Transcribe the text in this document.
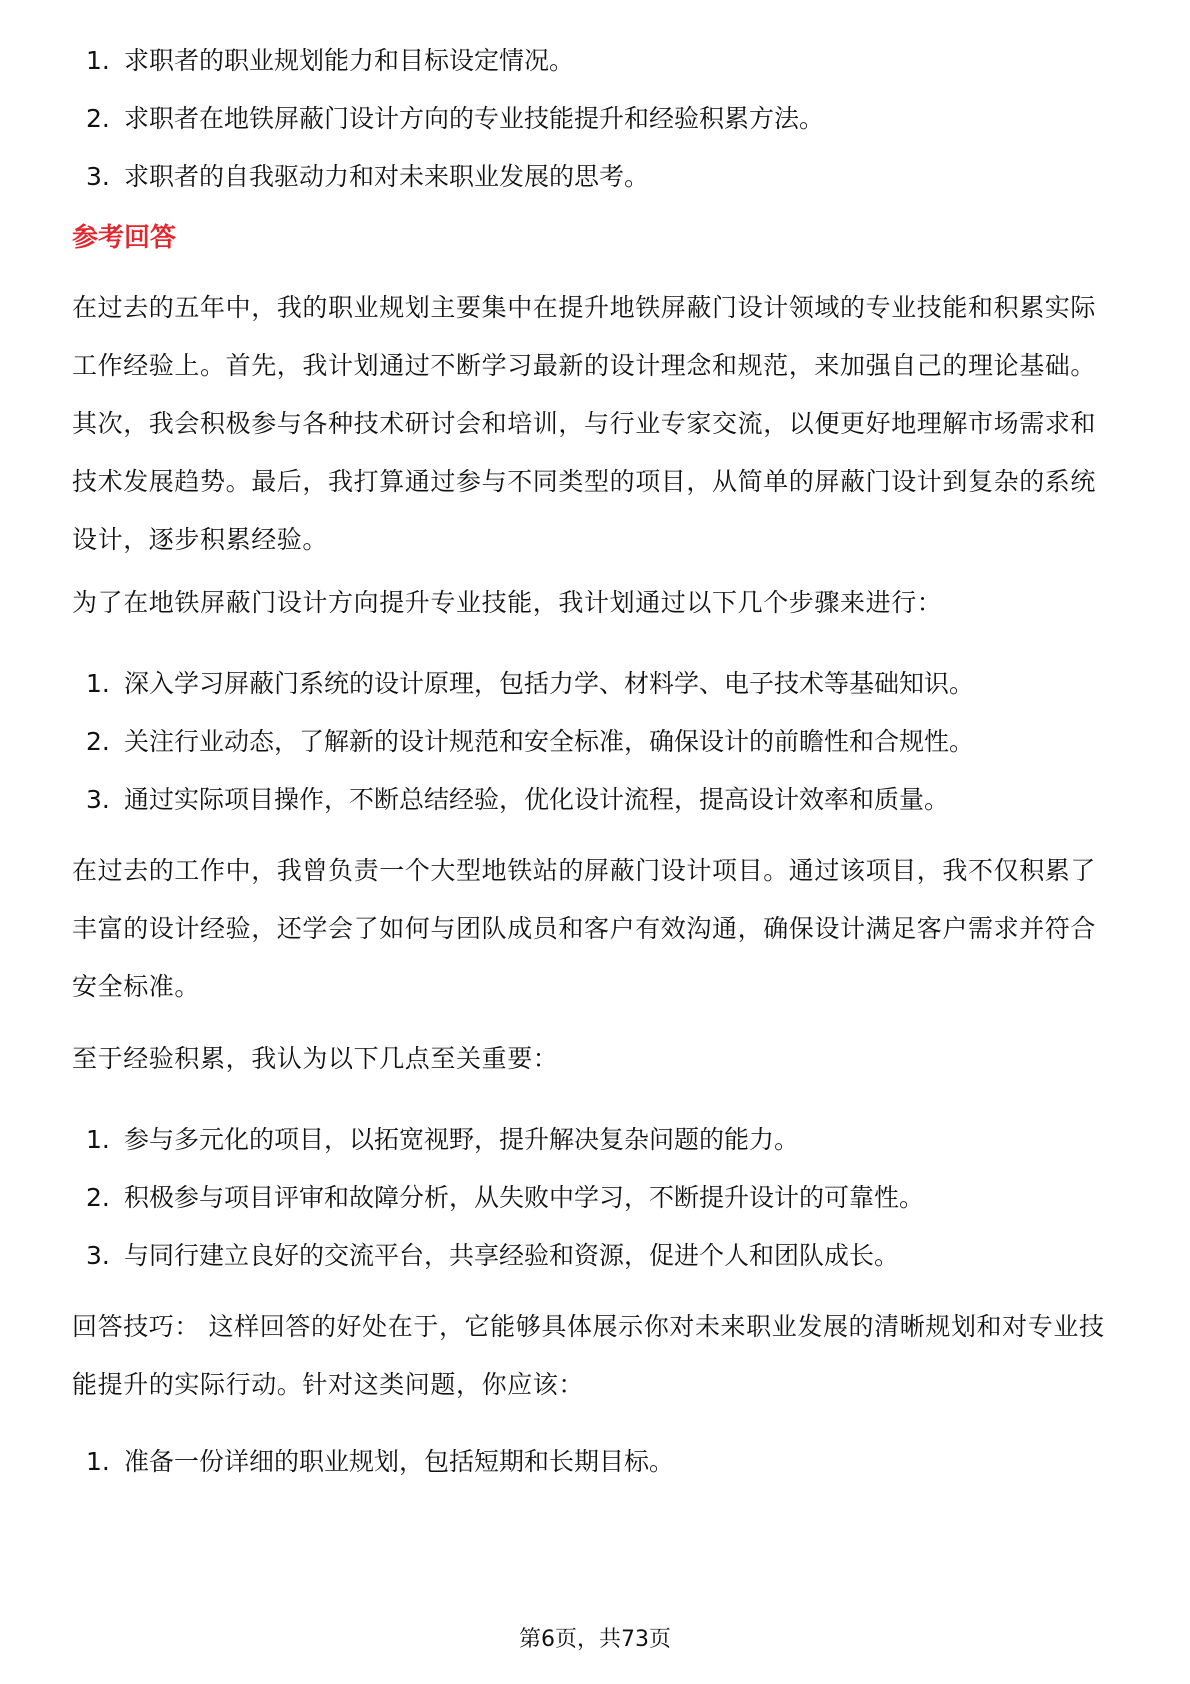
1. 求职者的职业规划能力和目标设定情况。
2. 求职者在地铁屏蔽门设计方向的专业技能提升和经验积累方法。
3. 求职者的自我驱动力和对未来职业发展的思考。
参考回答

在过去的五年中，我的职业规划主要集中在提升地铁屏蔽门设计领域的专业技能和积累实际工作经验上。首先，我计划通过不断学习最新的设计理念和规范，来加强自己的理论基础。其次，我会积极参与各种技术研讨会和培训，与行业专家交流，以便更好地理解市场需求和技术发展趋势。最后，我打算通过参与不同类型的项目，从简单的屏蔽门设计到复杂的系统设计，逐步积累经验。

为了在地铁屏蔽门设计方向提升专业技能，我计划通过以下几个步骤来进行：

1. 深入学习屏蔽门系统的设计原理，包括力学、材料学、电子技术等基础知识。
2. 关注行业动态，了解新的设计规范和安全标准，确保设计的前瞻性和合规性。
3. 通过实际项目操作，不断总结经验，优化设计流程，提高设计效率和质量。

在过去的工作中，我曾负责一个大型地铁站的屏蔽门设计项目。通过该项目，我不仅积累了丰富的设计经验，还学会了如何与团队成员和客户有效沟通，确保设计满足客户需求并符合安全标准。

至于经验积累，我认为以下几点至关重要：

1. 参与多元化的项目，以拓宽视野，提升解决复杂问题的能力。
2. 积极参与项目评审和故障分析，从失败中学习，不断提升设计的可靠性。
3. 与同行建立良好的交流平台，共享经验和资源，促进个人和团队成长。

回答技巧： 这样回答的好处在于，它能够具体展示你对未来职业发展的清晰规划和对专业技能提升的实际行动。针对这类问题，你应该：

1. 准备一份详细的职业规划，包括短期和长期目标。
第6页，共73页
